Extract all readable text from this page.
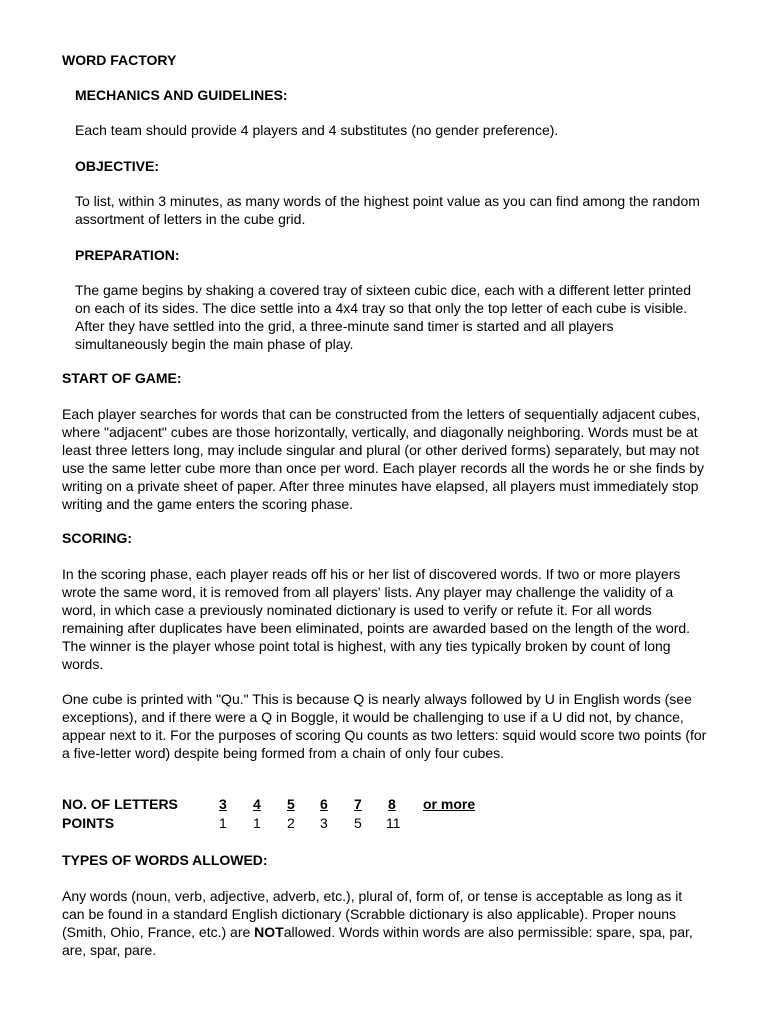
WORD FACTORY
MECHANICS AND GUIDELINES:

Each team should provide 4 players and 4 substitutes (no gender preference).

OBJECTIVE:

To list, within 3 minutes, as many words of the highest point value as you can find among the random assortment of letters in the cube grid.

PREPARATION:

The game begins by shaking a covered tray of sixteen cubic dice, each with a different letter printed on each of its sides. The dice settle into a 4x4 tray so that only the top letter of each cube is visible. After they have settled into the grid, a three-minute sand timer is started and all players simultaneously begin the main phase of play.

START OF GAME:

Each player searches for words that can be constructed from the letters of sequentially adjacent cubes, where "adjacent" cubes are those horizontally, vertically, and diagonally neighboring. Words must be at least three letters long, may include singular and plural (or other derived forms) separately, but may not use the same letter cube more than once per word. Each player records all the words he or she finds by writing on a private sheet of paper. After three minutes have elapsed, all players must immediately stop writing and the game enters the scoring phase.

SCORING:

In the scoring phase, each player reads off his or her list of discovered words. If two or more players wrote the same word, it is removed from all players' lists. Any player may challenge the validity of a word, in which case a previously nominated dictionary is used to verify or refute it. For all words remaining after duplicates have been eliminated, points are awarded based on the length of the word. The winner is the player whose point total is highest, with any ties typically broken by count of long words.

One cube is printed with "Qu." This is because Q is nearly always followed by U in English words (see exceptions), and if there were a Q in Boggle, it would be challenging to use if a U did not, by chance, appear next to it. For the purposes of scoring Qu counts as two letters: squid would score two points (for a five-letter word) despite being formed from a chain of only four cubes.

NO. OF LETTERS	3 4 5 6 7 8 or more
POINTS	1 1 2 3 5 11
TYPES OF WORDS ALLOWED:

Any words (noun, verb, adjective, adverb, etc.), plural of, form of, or tense is acceptable as long as it can be found in a standard English dictionary (Scrabble dictionary is also applicable). Proper nouns (Smith, Ohio, France, etc.) are NOTallowed. Words within words are also permissible: spare, spa, par, are, spar, pare.
